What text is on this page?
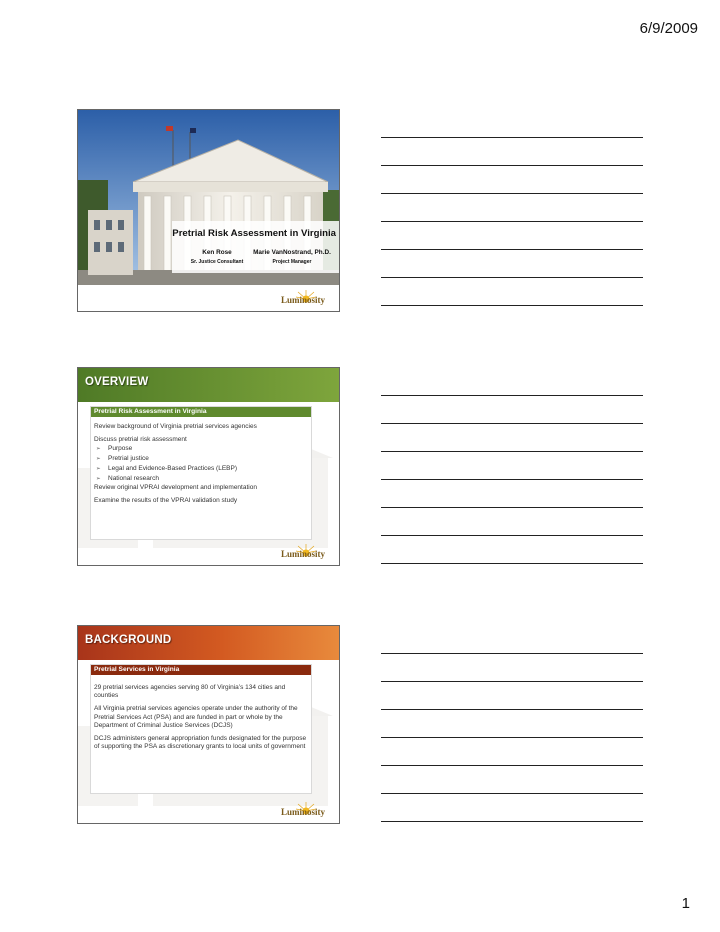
6/9/2009
Pretrial Risk Assessment in Virginia
Ken Rose
Sr. Justice Consultant
Marie VanNostrand, Ph.D.
Project Manager
Luminosity
OVERVIEW
Pretrial Risk Assessment in Virginia
Review background of Virginia pretrial services agencies
Discuss pretrial risk assessment
➢ Purpose
➢ Pretrial justice
➢ Legal and Evidence-Based Practices (LEBP)
➢ National research
Review original VPRAI development and implementation
Examine the results of the VPRAI validation study
Luminosity
BACKGROUND
Pretrial Services in Virginia
29 pretrial services agencies serving 80 of Virginia’s 134 cities and counties
All Virginia pretrial services agencies operate under the authority of the Pretrial Services Act (PSA) and are funded in part or whole by the Department of Criminal Justice Services (DCJS)
DCJS administers general appropriation funds designated for the purpose of supporting the PSA as discretionary grants to local units of government
Luminosity
1
